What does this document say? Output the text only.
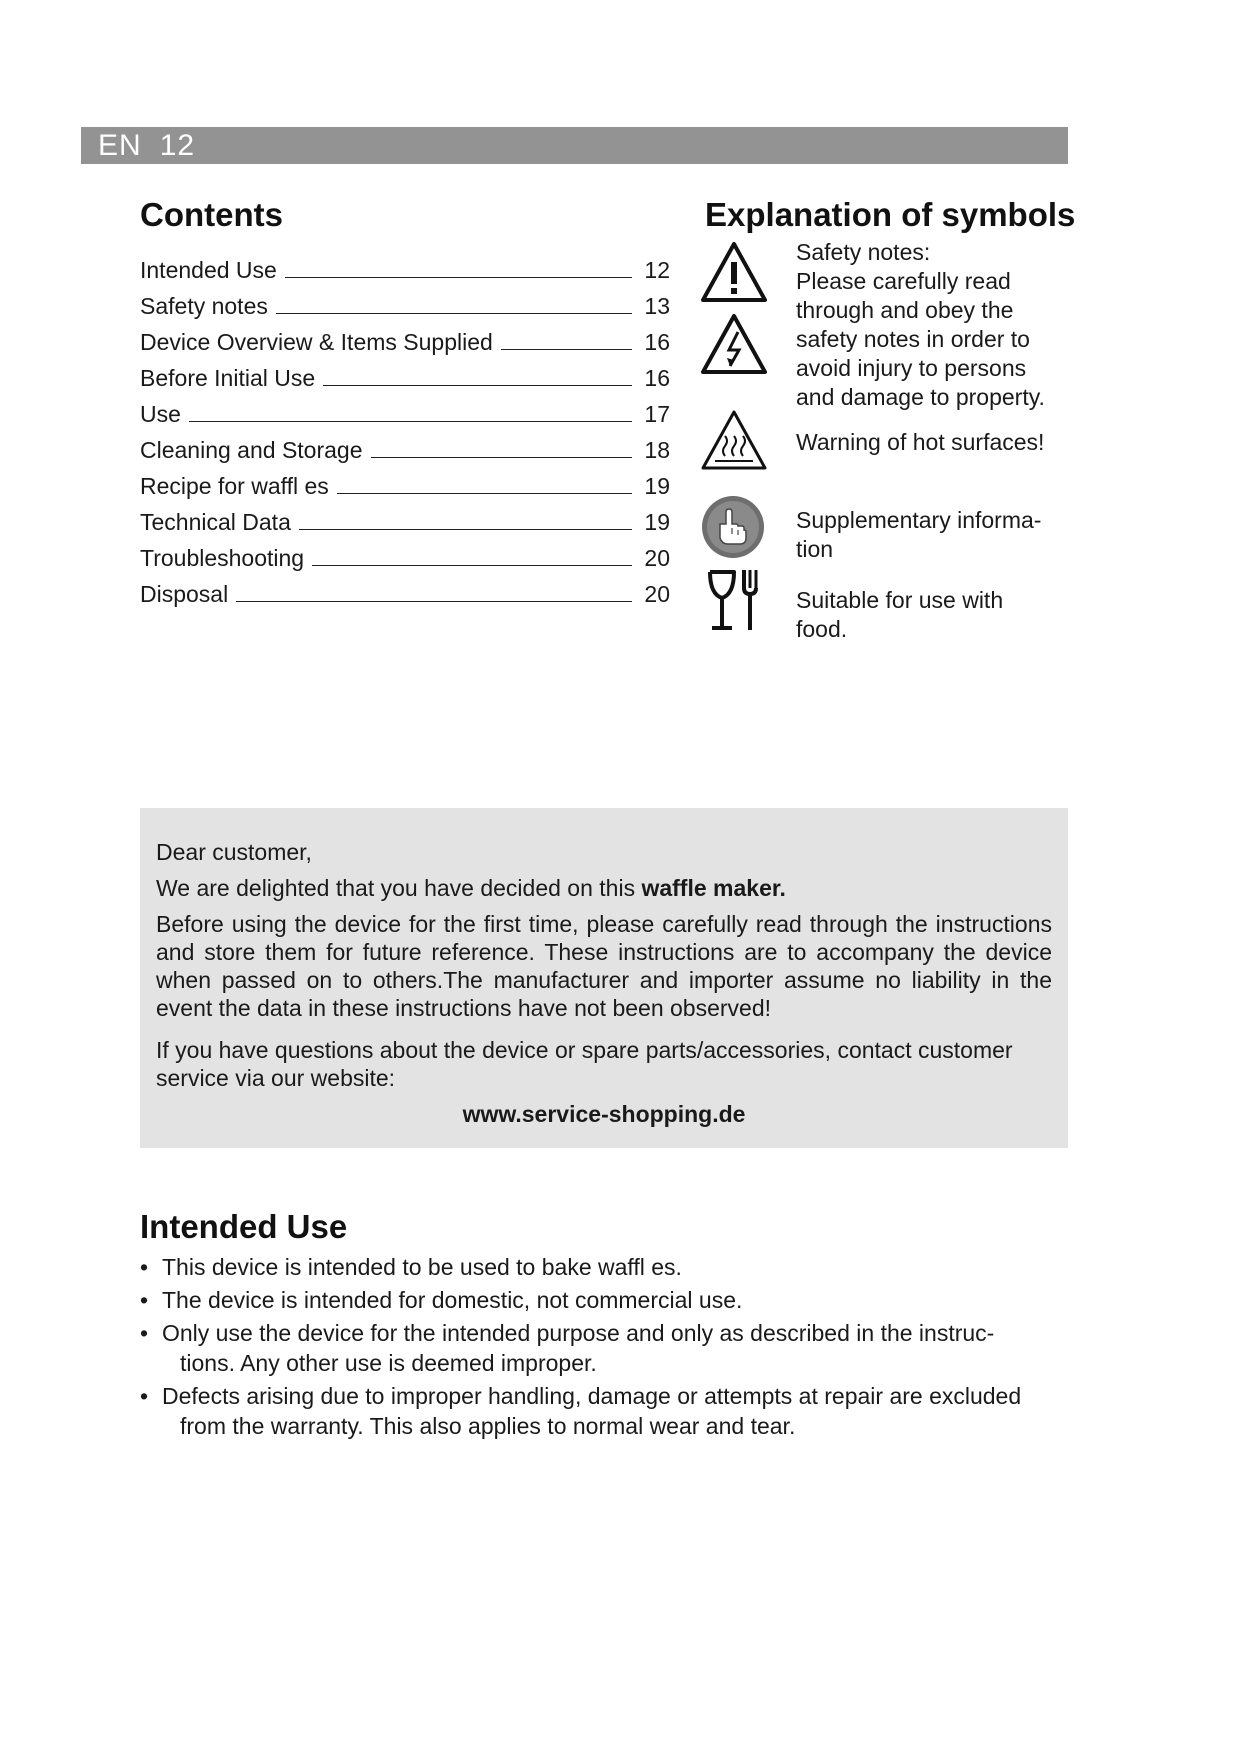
EN 12
Contents
Intended Use	12
Safety notes	13
Device Overview & Items Supplied	16
Before Initial Use	16
Use	17
Cleaning and Storage	18
Recipe for waffl es	19
Technical Data	19
Troubleshooting	20
Disposal	20
Explanation of symbols
Safety notes:
Please carefully read
through and obey the
safety notes in order to
avoid injury to persons
and damage to property.
Warning of hot surfaces!
Supplementary informa-
tion
Suitable for use with
food.

Dear customer,

We are delighted that you have decided on this waffle maker.

Before using the device for the first time, please carefully read through the instructions and store them for future reference. These instructions are to accompany the device when passed on to others.The manufacturer and importer assume no liability in the event the data in these instructions have not been observed!

If you have questions about the device or spare parts/accessories, contact customer service via our website:

www.service-shopping.de

Intended Use
• This device is intended to be used to bake waffl es.
• The device is intended for domestic, not commercial use.
• Only use the device for the intended purpose and only as described in the instruc-
tions. Any other use is deemed improper.
• Defects arising due to improper handling, damage or attempts at repair are excluded
from the warranty. This also applies to normal wear and tear.
